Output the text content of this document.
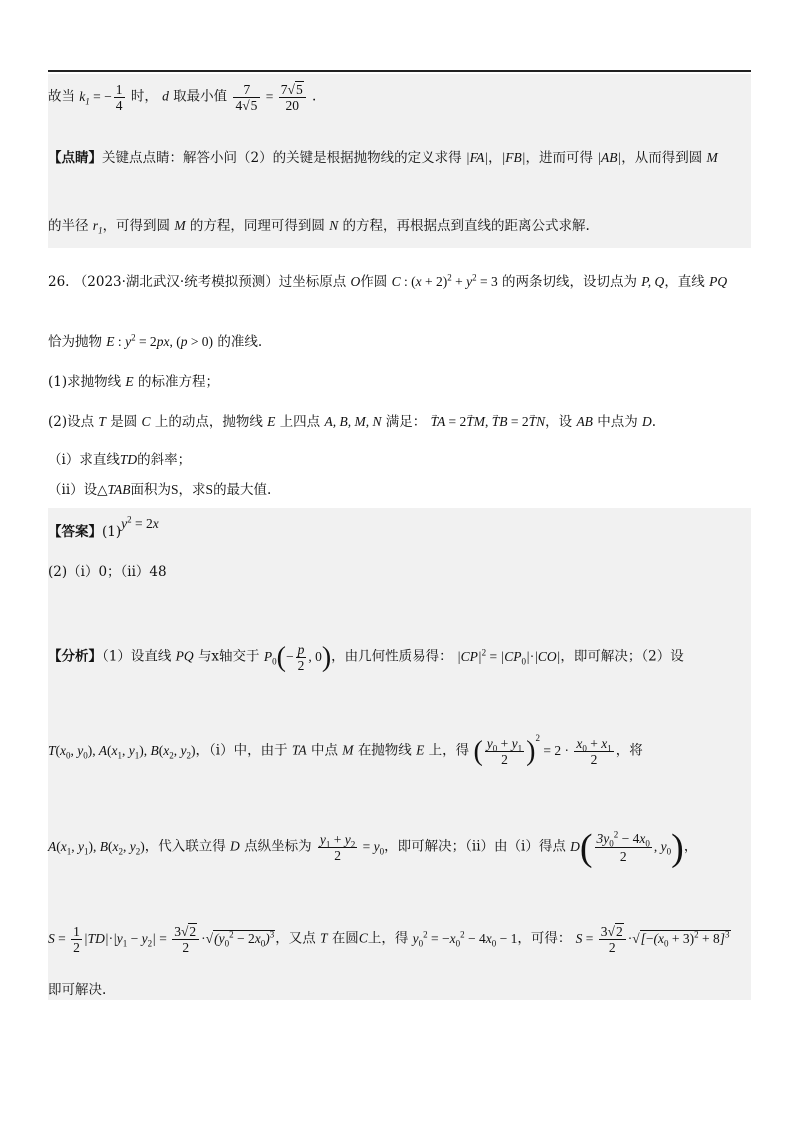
故当 $k_1$ = − $\frac{1}{4}$ 时， d 取最小值 $\frac{7}{4√5} = \frac{7√5}{20}$ .
【点睛】关键点点睛：解答小问（2）的关键是根据抛物线的定义求得 |FA|，|FB|，进而可得 |AB|，从而得到圆 M
的半径 $r_1$，可得到圆 M 的方程，同理可得到圆 N 的方程，再根据点到直线的距离公式求解.
26. （2023·湖北武汉·统考模拟预测）过坐标原点 O作圆 C : $(x + 2)^2 + y^2 = 3$ 的两条切线，设切点为 P, Q，直线 PQ
恰为抛物 E : $y^2 = 2px$, (p > 0) 的准线.
(1)求抛物线 E 的标准方程；
(2)设点 T 是圆 C 上的动点，抛物线 E 上四点 A, B, M, N 满足： → TA = 2→ TM, → TB = 2→ TN，设 AB 中点为 D.
（i）求直线TD的斜率；
（ii）设△TAB面积为S，求S的最大值.
【答案】$(1)y^2 = 2x$
(2)（i）0；（ii）48
【分析】（1）设直线 PQ 与x轴交于 $P_0(- \frac{p}{2}$ , 0)，由几何性质易得： $|CP|^2 = |CP_0|\cdot|CO|$，即可解决；（2）设
$T(x_0$, $y_0$), $A(x_1$, $y_1$), $B(x_2$, $y_2$)，（i）中，由于 TA 中点 M 在抛物线 E 上，得 ( $\frac{y_0 + y_1}{2} )^2 = 2 \cdot \frac{x_0 + x_1}{2}$ ，将
$A(x_1$, $y_1$), $B(x_2$, $y_2$)，代入联立得 D 点纵坐标为 $\frac{y_1 + y_2}{2} = y_0$，即可解决；（ii）由（i）得点 $D( \frac{3y_0^2 - 4x_0}{2}$ , $y_0$)，
$S = \frac{1}{2} |TD|\cdot|y_1 - y_2| = \frac{3√2}{2} \cdot√(y_0^2 - 2x_0)^3$，又点 T 在圆C上，得 $y_0^2 = -x_0^2 - 4x_0 - 1$，可得： $S = \frac{3√2}{2} \cdot√[-(x_0 + 3)^2 + 8]^3$
即可解决.
